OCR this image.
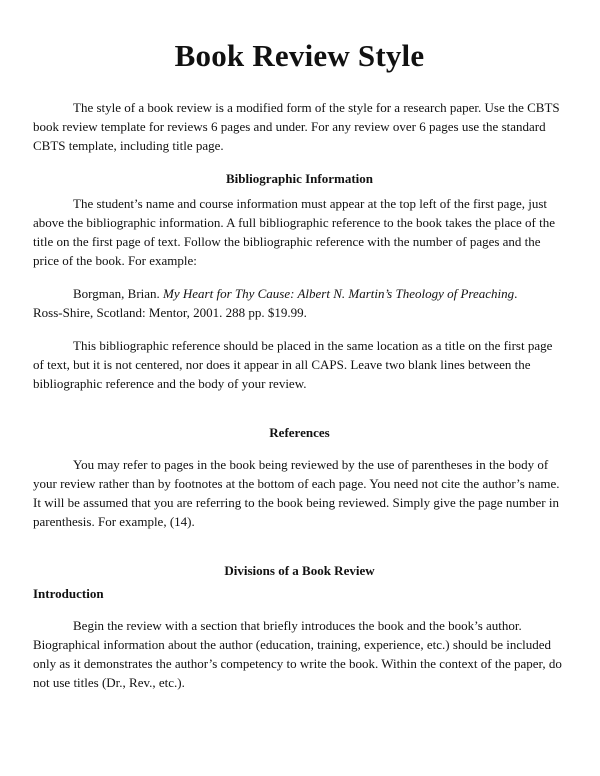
Book Review Style

The style of a book review is a modified form of the style for a research paper. Use the CBTS book review template for reviews 6 pages and under. For any review over 6 pages use the standard CBTS template, including title page.

Bibliographic Information

The student’s name and course information must appear at the top left of the first page, just above the bibliographic information. A full bibliographic reference to the book takes the place of the title on the first page of text. Follow the bibliographic reference with the number of pages and the price of the book. For example:

Borgman, Brian. My Heart for Thy Cause: Albert N. Martin’s Theology of Preaching.

Ross-Shire, Scotland: Mentor, 2001. 288 pp. $19.99.

This bibliographic reference should be placed in the same location as a title on the first page of text, but it is not centered, nor does it appear in all CAPS. Leave two blank lines between the bibliographic reference and the body of your review.

References

You may refer to pages in the book being reviewed by the use of parentheses in the body of your review rather than by footnotes at the bottom of each page. You need not cite the author’s name. It will be assumed that you are referring to the book being reviewed. Simply give the page number in parenthesis. For example, (14).

Divisions of a Book Review
Introduction

Begin the review with a section that briefly introduces the book and the book’s author. Biographical information about the author (education, training, experience, etc.) should be included only as it demonstrates the author’s competency to write the book. Within the context of the paper, do not use titles (Dr., Rev., etc.).
